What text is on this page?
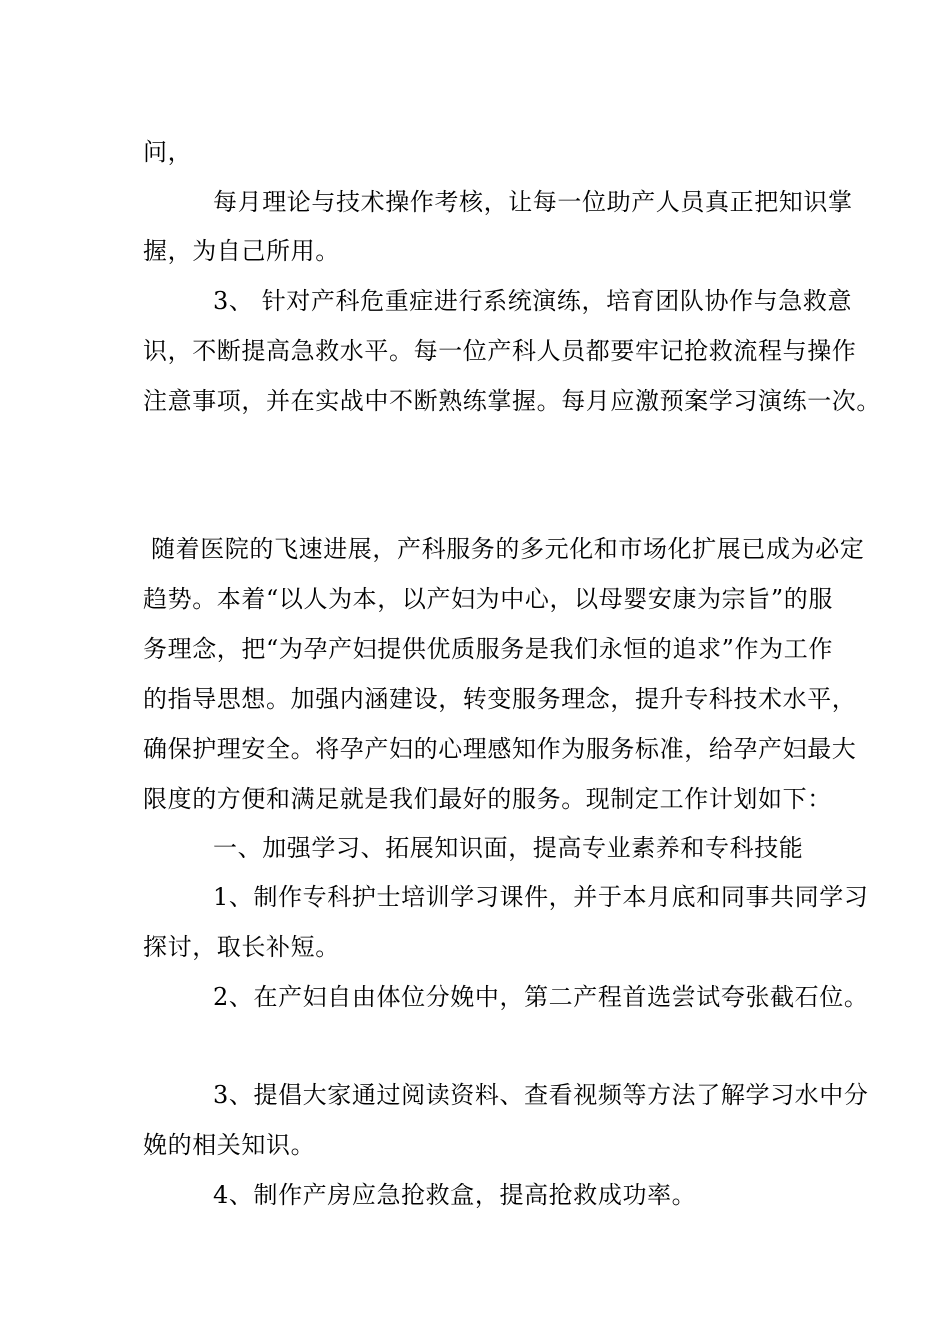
问，
每月理论与技术操作考核，让每一位助产人员真正把知识掌
握，为自己所用。
3、 针对产科危重症进行系统演练，培育团队协作与急救意
识，不断提高急救水平。每一位产科人员都要牢记抢救流程与操作
注意事项，并在实战中不断熟练掌握。每月应激预案学习演练一次。
随着医院的飞速进展，产科服务的多元化和市场化扩展已成为必定
趋势。本着“以人为本，以产妇为中心，以母婴安康为宗旨”的服
务理念，把“为孕产妇提供优质服务是我们永恒的追求”作为工作
的指导思想。加强内涵建设，转变服务理念，提升专科技术水平，
确保护理安全。将孕产妇的心理感知作为服务标准，给孕产妇最大
限度的方便和满足就是我们最好的服务。现制定工作计划如下：
一、加强学习、拓展知识面，提高专业素养和专科技能
1、制作专科护士培训学习课件，并于本月底和同事共同学习
探讨，取长补短。
2、在产妇自由体位分娩中，第二产程首选尝试夸张截石位。
3、提倡大家通过阅读资料、查看视频等方法了解学习水中分
娩的相关知识。
4、制作产房应急抢救盒，提高抢救成功率。
